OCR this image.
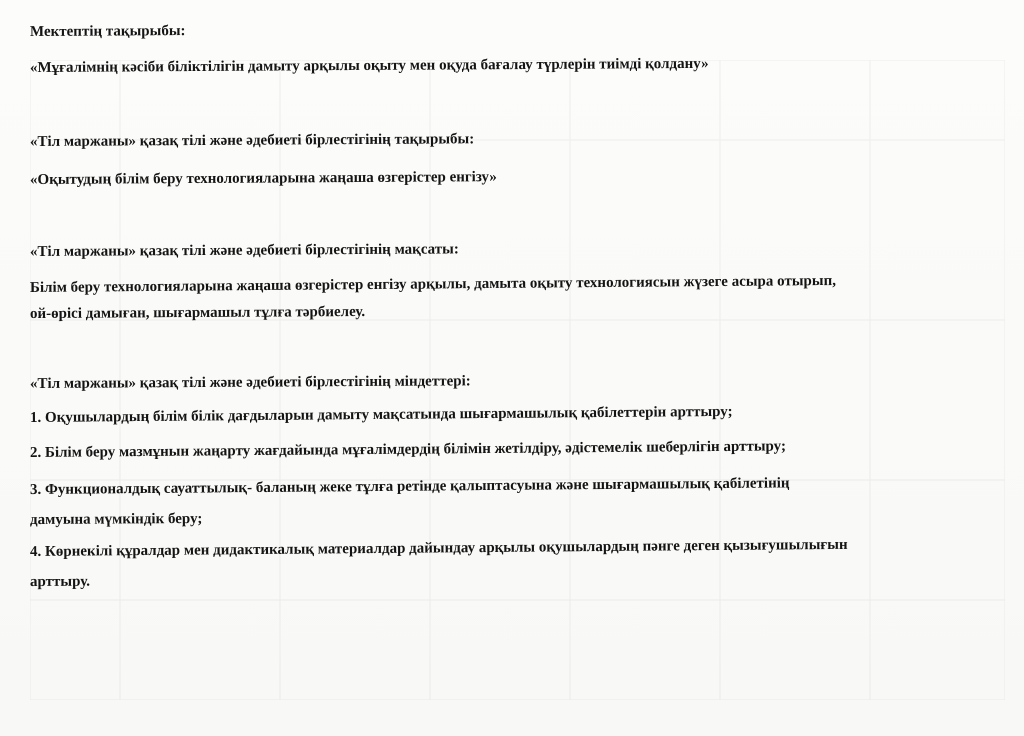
Мектептің тақырыбы:
«Мұғалімнің кәсіби біліктілігін дамыту арқылы оқыту мен оқуда бағалау түрлерін тиімді қолдану»
«Тіл маржаны» қазақ тілі және әдебиеті бірлестігінің тақырыбы:
«Оқытудың білім беру технологияларына жаңаша өзгерістер енгізу»
«Тіл маржаны» қазақ тілі және әдебиеті бірлестігінің мақсаты:
Білім беру технологияларына жаңаша өзгерістер енгізу арқылы, дамыта оқыту технологиясын жүзеге асыра отырып,
ой-өрісі дамыған, шығармашыл тұлға тәрбиелеу.
«Тіл маржаны» қазақ тілі және әдебиеті бірлестігінің міндеттері:
1. Оқушылардың білім білік дағдыларын дамыту мақсатында шығармашылық қабілеттерін арттыру;
2. Білім беру мазмұнын жаңарту жағдайында мұғалімдердің білімін жетілдіру, әдістемелік шеберлігін арттыру;
3. Функционалдық сауаттылық- баланың жеке тұлға ретінде қалыптасуына және шығармашылық қабілетінің
дамуына мүмкіндік беру;
4. Көрнекілі құралдар мен дидактикалық материалдар дайындау арқылы оқушылардың пәнге деген қызығушылығын
арттыру.
